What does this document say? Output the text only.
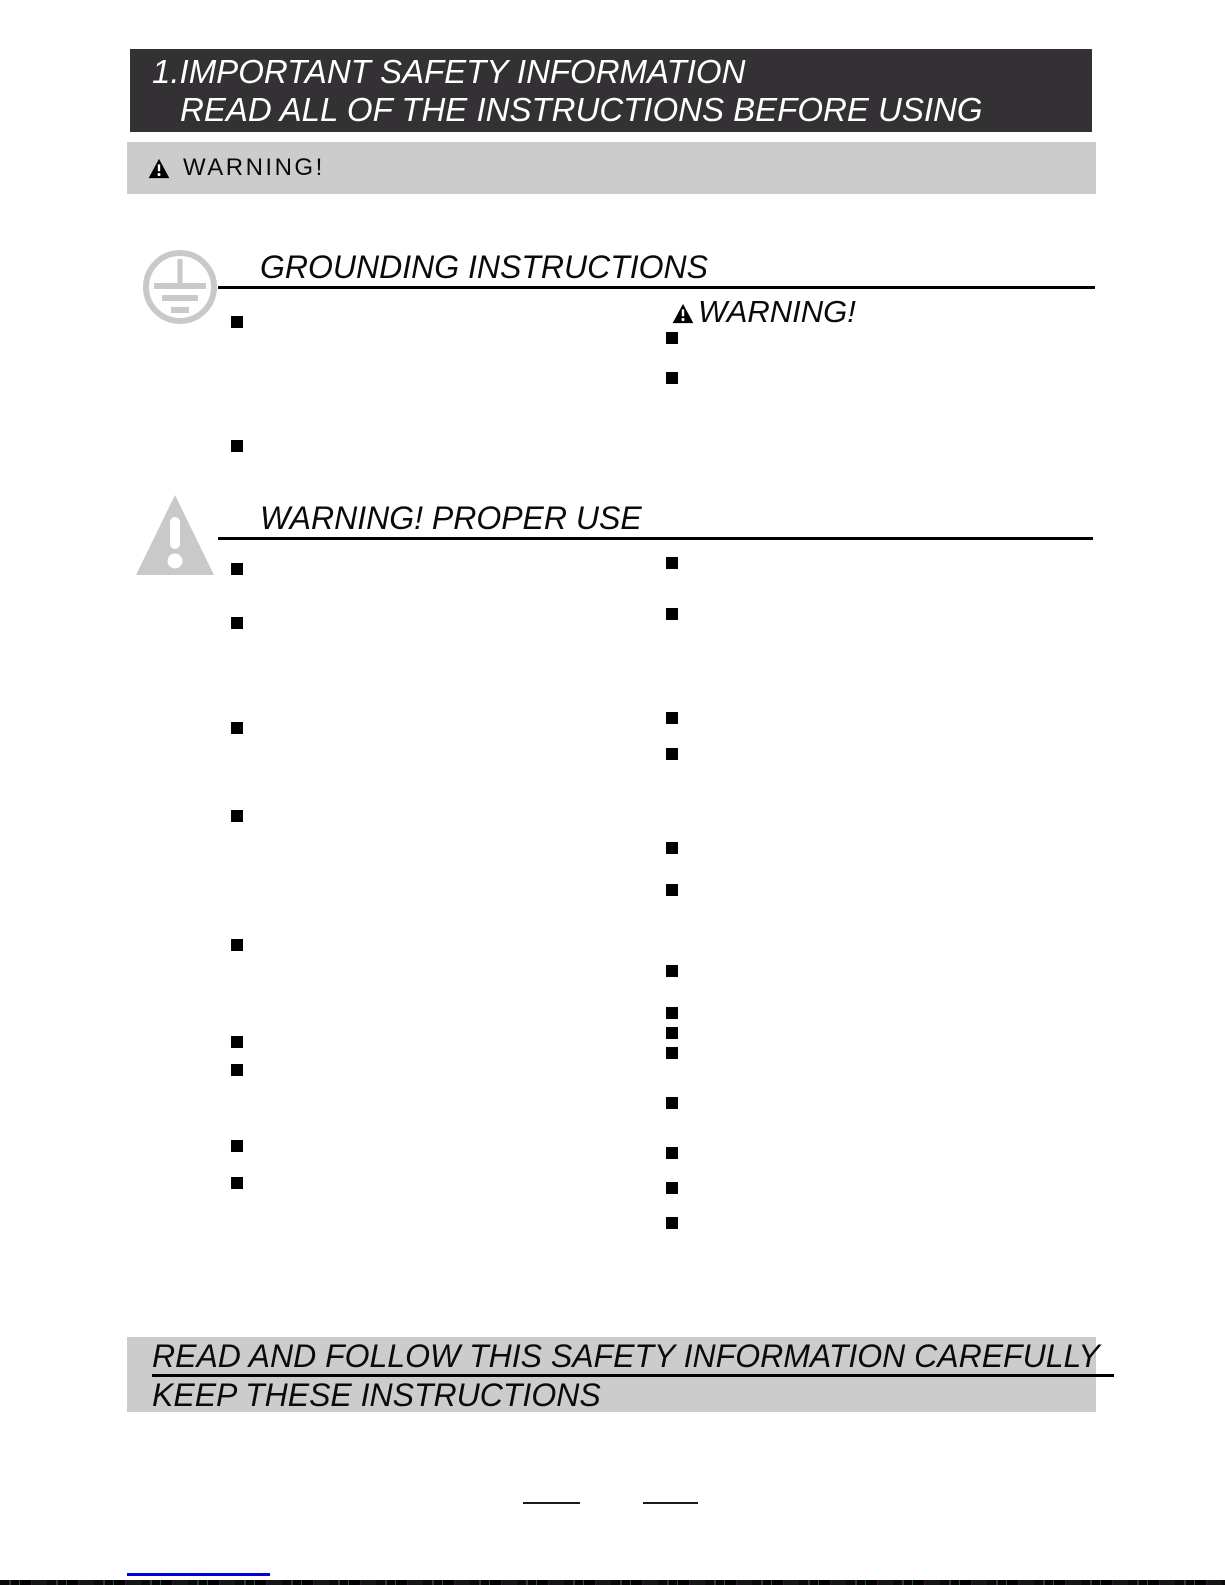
1.IMPORTANT SAFETY INFORMATION
READ ALL OF THE INSTRUCTIONS BEFORE USING
WARNING!
GROUNDING INSTRUCTIONS
WARNING!
WARNING! PROPER USE
READ AND FOLLOW THIS SAFETY INFORMATION CAREFULLY
KEEP THESE INSTRUCTIONS
